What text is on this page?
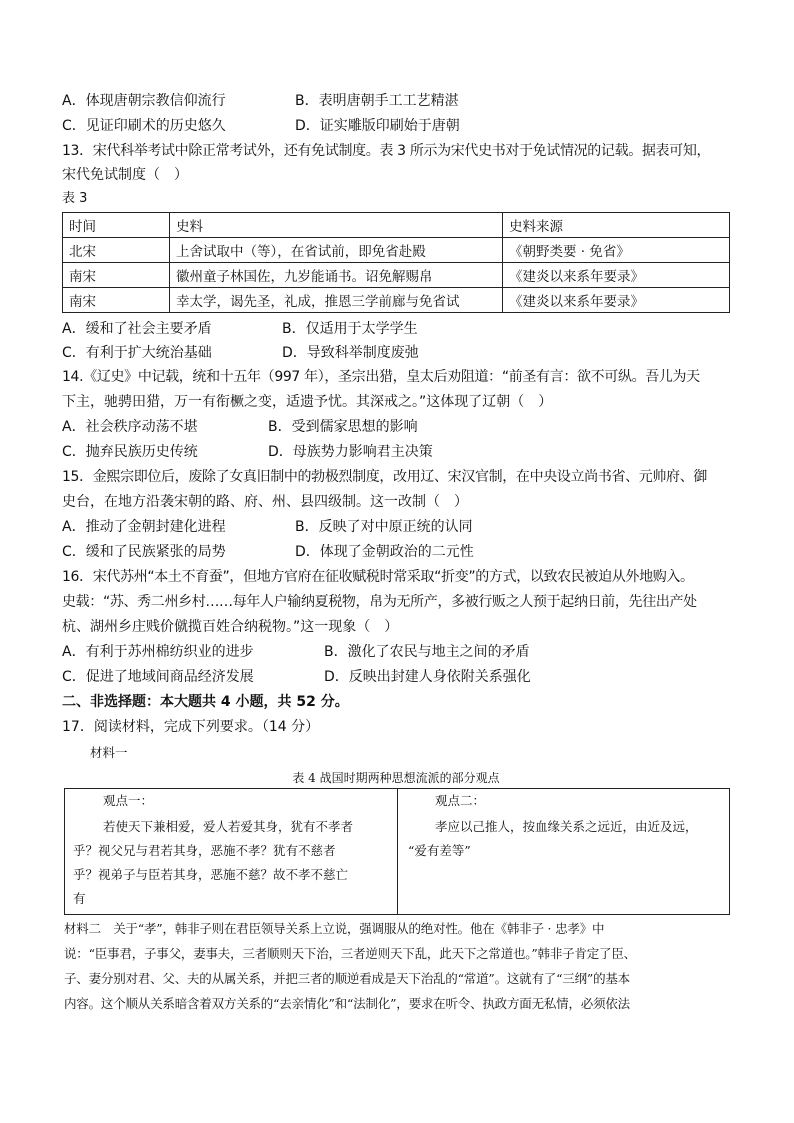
A．体现唐朝宗教信仰流行	B．表明唐朝手工工艺精湛
C．见证印刷术的历史悠久	D．证实雕版印刷始于唐朝
13．宋代科举考试中除正常考试外，还有免试制度。表 3 所示为宋代史书对于免试情况的记载。据表可知，
宋代免试制度（　）
表 3
时间	史料	史料来源
北宋	上舍试取中（等），在省试前，即免省赴殿	《朝野类要 · 免省》
南宋	徽州童子林国佐，九岁能诵书。诏免解赐帛	《建炎以来系年要录》
南宋	幸太学，谒先圣，礼成，推恩三学前廊与免省试	《建炎以来系年要录》
A．缓和了社会主要矛盾	B．仅适用于太学学生
C．有利于扩大统治基础	D．导致科举制度废弛
14.《辽史》中记载，统和十五年（997 年），圣宗出猎，皇太后劝阻道：“前圣有言：欲不可纵。吾儿为天
下主，驰骋田猎，万一有衔橛之变，适遗予忧。其深戒之。”这体现了辽朝（　）
A．社会秩序动荡不堪	B．受到儒家思想的影响
C．抛弃民族历史传统	D．母族势力影响君主决策
15．金熙宗即位后，废除了女真旧制中的勃极烈制度，改用辽、宋汉官制，在中央设立尚书省、元帅府、御
史台，在地方沿袭宋朝的路、府、州、县四级制。这一改制（　）
A．推动了金朝封建化进程	B．反映了对中原正统的认同
C．缓和了民族紧张的局势	D．体现了金朝政治的二元性
16．宋代苏州“本土不育蚕”，但地方官府在征收赋税时常采取“折变”的方式，以致农民被迫从外地购入。
史载：“苏、秀二州乡村……每年人户输纳夏税物，帛为无所产，多被行贩之人预于起纳日前，先往出产处
杭、湖州乡庄贱价僦揽百姓合纳税物。”这一现象（　）
A．有利于苏州棉纺织业的进步	B．激化了农民与地主之间的矛盾
C．促进了地域间商品经济发展	D．反映出封建人身依附关系强化
二、非选择题：本大题共 4 小题，共 52 分。
17．阅读材料，完成下列要求。（14 分）
材料一
表 4 战国时期两种思想流派的部分观点
观点一：
若使天下兼相爱，爱人若爱其身，犹有不孝者
乎？视父兄与君若其身，恶施不孝？犹有不慈者
乎？视弟子与臣若其身，恶施不慈？故不孝不慈亡
有
观点二：
孝应以己推人，按血缘关系之远近，由近及远，
“爱有差等”
材料二　关于“孝”，韩非子则在君臣领导关系上立说，强调服从的绝对性。他在《韩非子 · 忠孝》中
说：“臣事君，子事父，妻事夫，三者顺则天下治，三者逆则天下乱，此天下之常道也。”韩非子肯定了臣、
子、妻分别对君、父、夫的从属关系，并把三者的顺逆看成是天下治乱的“常道”。这就有了“三纲”的基本
内容。这个顺从关系暗含着双方关系的“去亲情化”和“法制化”，要求在听令、执政方面无私情，必须依法
